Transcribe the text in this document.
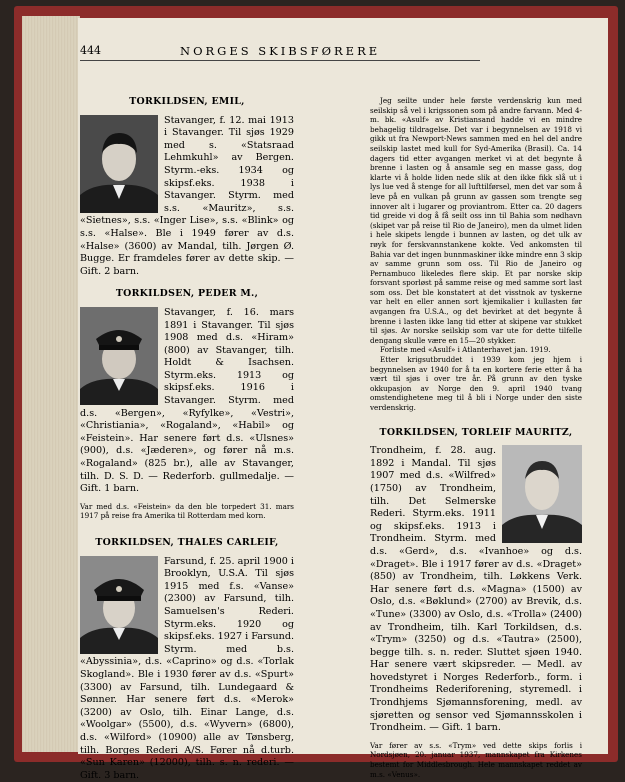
444	NORGES SKIBSFØRERE
TORKILDSEN, EMIL,

Stavanger, f. 12. mai 1913 i Stavanger. Til sjøs 1929 med s. «Statsraad Lehmkuhl» av Bergen. Styrm.-eks. 1934 og skipsf.eks. 1938 i Stavanger. Styrm. med s.s. «Mauritz», s.s. «Sietnes», s.s. «Inger Lise», s.s. «Blink» og s.s. «Halse». Ble i 1949 fører av d.s. «Halse» (3600) av Mandal, tilh. Jørgen Ø. Bugge. Er framdeles fører av dette skip. — Gift. 2 barn.

TORKILDSEN, PEDER M.,

Stavanger, f. 16. mars 1891 i Stavanger. Til sjøs 1908 med d.s. «Hiram» (800) av Stavanger, tilh. Holdt & Isachsen. Styrm.eks. 1913 og skipsf.eks. 1916 i Stavanger. Styrm. med d.s. «Bergen», «Ryfylke», «Vestri», «Christiania», «Rogaland», «Habil» og «Feistein». Har senere ført d.s. «Ulsnes» (900), d.s. «Jæderen», og fører nå m.s. «Rogaland» (825 br.), alle av Stavanger, tilh. D. S. D. — Rederforb. gullmedalje. — Gift. 1 barn.

Var med d.s. «Feistein» da den ble torpedert 31. mars 1917 på reise fra Amerika til Rotterdam med korn.

TORKILDSEN, THALES CARLEIF,

Farsund, f. 25. april 1900 i Brooklyn, U.S.A. Til sjøs 1915 med f.s. «Vanse» (2300) av Farsund, tilh. Samuelsen's Rederi. Styrm.eks. 1920 og skipsf.eks. 1927 i Farsund. Styrm. med b.s. «Abyssinia», d.s. «Caprino» og d.s. «Torlak Skogland». Ble i 1930 fører av d.s. «Spurt» (3300) av Farsund, tilh. Lundegaard & Sønner. Har senere ført d.s. «Merok» (3200) av Oslo, tilh. Einar Lange, d.s. «Woolgar» (5500), d.s. «Wyvern» (6800), d.s. «Wilford» (10900) alle av Tønsberg, tilh. Borges Rederi A/S. Fører nå d.turb. «Sun Karen» (12000), tilh. s. n. rederi. — Gift. 3 barn.

Jeg seilte under hele første verdenskrig kun med seilskip så vel i krigssonen som på andre farvann. Med 4-m. bk. «Asulf» av Kristiansand hadde vi en mindre behagelig tildragelse. Det var i begynnelsen av 1918 vi gikk ut fra Newport-News sammen med en hel del andre seilskip lastet med kull for Syd-Amerika (Brasil). Ca. 14 dagers tid etter avgangen merket vi at det begynte å brenne i lasten og å ansamle seg en masse gass, dog klarte vi å holde liden nede slik at den ikke fikk slå ut i lys lue ved å stenge for all lufttilførsel, men det var som å leve på en vulkan på grunn av gassen som trengte seg innover alt i lugarer og proviantrom. Etter ca. 20 dagers tid greide vi dog å få seilt oss inn til Bahia som nødhavn (skipet var på reise til Rio de Janeiro), men da ulmet liden i hele skipets lengde i bunnen av lasten, og det ulk av røyk for ferskvannstankene kokte. Ved ankomsten til Bahia var det ingen bunnmaskiner ikke mindre enn 3 skip av samme grunn som oss. Til Rio de Janeiro og Pernambuco likeledes flere skip. Et par norske skip forsvant sporløst på samme reise og med samme sort last som oss. Det ble konstatert at det visstnok av tyskerne var helt en eller annen sort kjemikalier i kullasten før avgangen fra U.S.A., og det bevirket at det begynte å brenne i lasten ikke lang tid etter at skipene var stukket til sjøs. Av norske seilskip som var ute for dette tilfelle dengang skulle være en 15—20 stykker.

Forliste med «Asulf» i Atlanterhavet jan. 1919.

Etter krigsutbruddet i 1939 kom jeg hjem i begynnelsen av 1940 for å ta en kortere ferie etter å ha vært til sjøs i over tre år. På grunn av den tyske okkupasjon av Norge den 9. april 1940 tvang omstendighetene meg til å bli i Norge under den siste verdenskrig.

TORKILDSEN, TORLEIF MAURITZ,

Trondheim, f. 28. aug. 1892 i Mandal. Til sjøs 1907 med d.s. «Wilfred» (1750) av Trondheim, tilh. Det Selmerske Rederi. Styrm.eks. 1911 og skipsf.eks. 1913 i Trondheim. Styrm. med d.s. «Gerd», d.s. «Ivanhoe» og d.s. «Draget». Ble i 1917 fører av d.s. «Draget» (850) av Trondheim, tilh. Løkkens Verk. Har senere ført d.s. «Magna» (1500) av Oslo, d.s. «Bøklund» (2700) av Brevik, d.s. «Tune» (3300) av Oslo, d.s. «Trolla» (2400) av Trondheim, tilh. Karl Torkildsen, d.s. «Trym» (3250) og d.s. «Tautra» (2500), begge tilh. s. n. reder. Sluttet sjøen 1940. Har senere vært skipsreder. — Medl. av hovedstyret i Norges Rederforb., form. i Trondheims Rederiforening, styremedl. i Trondhjems Sjømannsforening, medl. av sjøretten og sensor ved Sjømannsskolen i Trondheim. — Gift. 1 barn.

Var fører av s.s. «Trym» ved dette skips forlis i Nordsjøen, 20. januar 1937, mannskapet fra Kirkenes bestemt for Middlesbrough. Hele mannskapet reddet av m.s. «Venus».
